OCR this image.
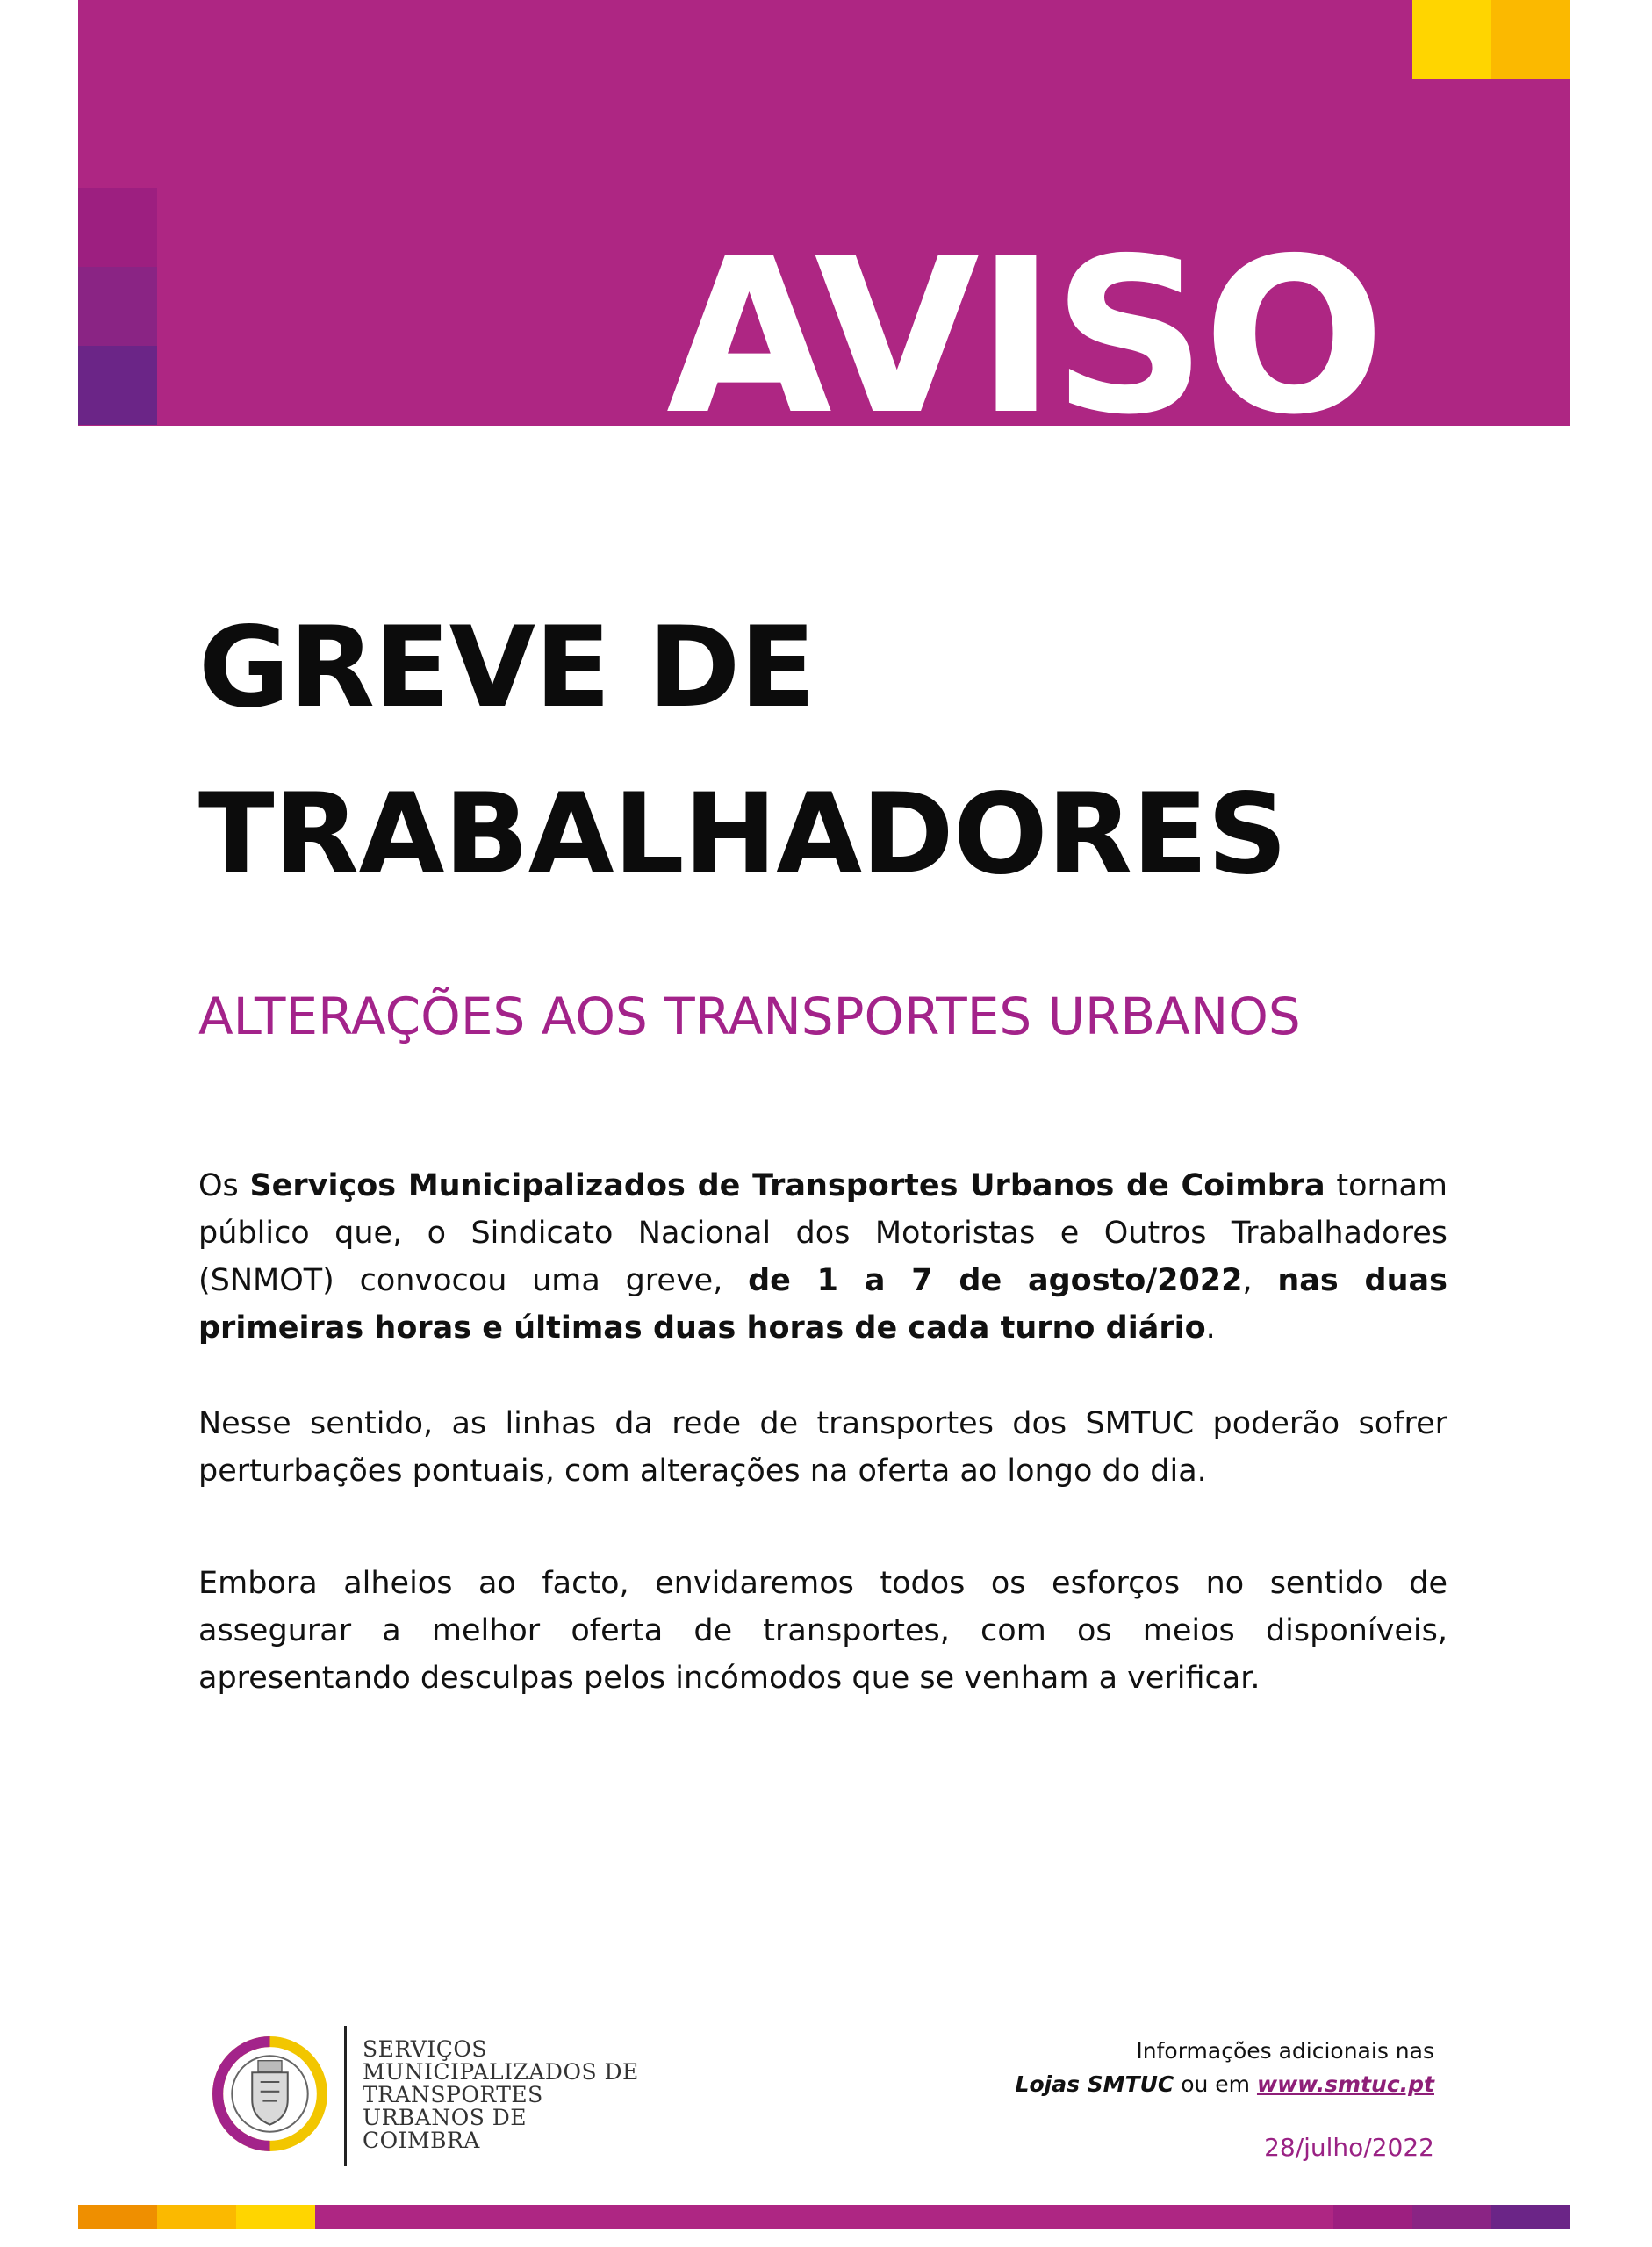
AVISO
GREVE DE
TRABALHADORES
ALTERAÇÕES AOS TRANSPORTES URBANOS

Os Serviços Municipalizados de Transportes Urbanos de Coimbra tornam público que, o Sindicato Nacional dos Motoristas e Outros Trabalhadores (SNMOT) convocou uma greve, de 1 a 7 de agosto/2022, nas duas primeiras horas e últimas duas horas de cada turno diário.

Nesse sentido, as linhas da rede de transportes dos SMTUC poderão sofrer perturbações pontuais, com alterações na oferta ao longo do dia.

Embora alheios ao facto, envidaremos todos os esforços no sentido de assegurar a melhor oferta de transportes, com os meios disponíveis, apresentando desculpas pelos incómodos que se venham a verificar.

SERVIÇOS
MUNICIPALIZADOS DE
TRANSPORTES
URBANOS DE
COIMBRA
Informações adicionais nas
Lojas SMTUC ou em www.smtuc.pt
28/julho/2022
